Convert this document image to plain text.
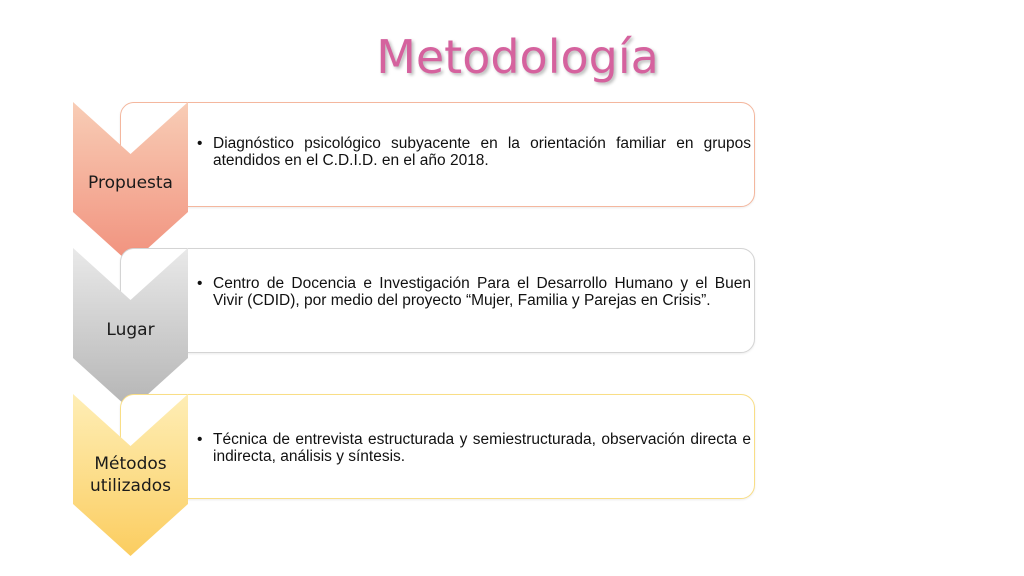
Metodología
• Diagnóstico psicológico subyacente en la orientación familiar en grupos atendidos en el C.D.I.D. en el año 2018.
Propuesta
• Centro de Docencia e Investigación Para el Desarrollo Humano y el Buen Vivir (CDID), por medio del proyecto “Mujer, Familia y Parejas en Crisis”.
Lugar
• Técnica de entrevista estructurada y semiestructurada, observación directa e indirecta, análisis y síntesis.
Métodos
utilizados
